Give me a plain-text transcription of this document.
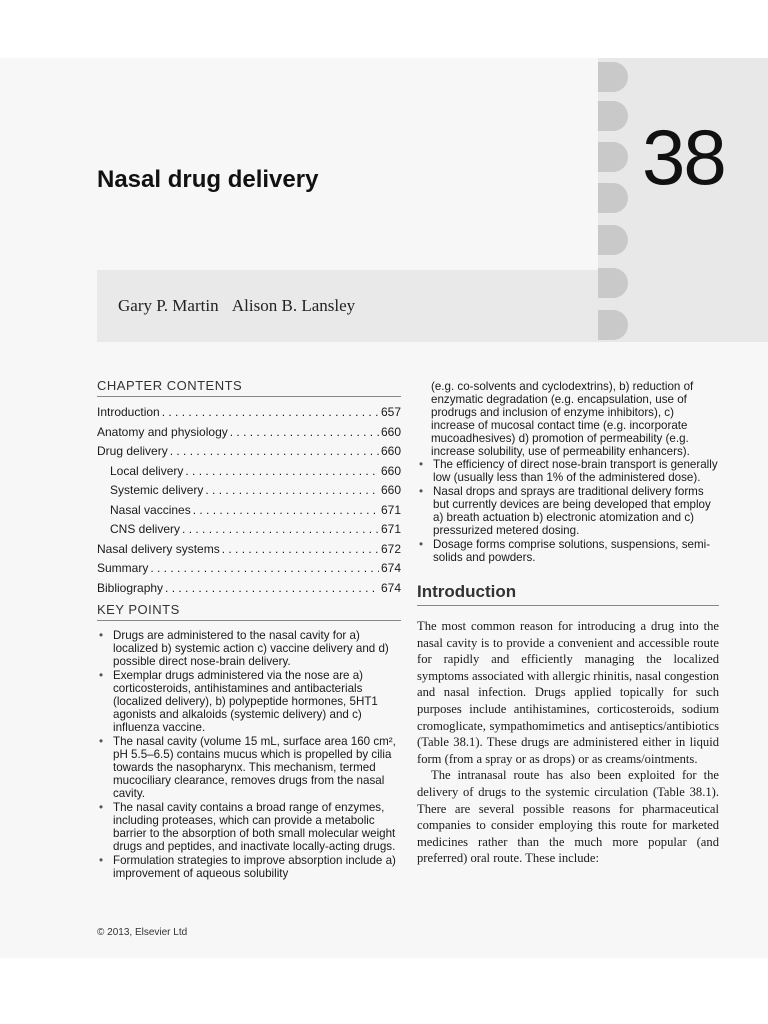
38
Nasal drug delivery
Gary P. Martin Alison B. Lansley
CHAPTER CONTENTS
Introduction . . .	657
Anatomy and physiology . . .	660
Drug delivery . . .	660
Local delivery . . .	660
Systemic delivery . . .	660
Nasal vaccines . . .	671
CNS delivery . . .	671
Nasal delivery systems . . .	672
Summary . . .	674
Bibliography . . .	674
KEY POINTS
• Drugs are administered to the nasal cavity for a) localized b) systemic action c) vaccine delivery and d) possible direct nose-brain delivery.
• Exemplar drugs administered via the nose are a) corticosteroids, antihistamines and antibacterials (localized delivery), b) polypeptide hormones, 5HT1 agonists and alkaloids (systemic delivery) and c) influenza vaccine.
• The nasal cavity (volume 15 mL, surface area 160 cm², pH 5.5–6.5) contains mucus which is propelled by cilia towards the nasopharynx. This mechanism, termed mucociliary clearance, removes drugs from the nasal cavity.
• The nasal cavity contains a broad range of enzymes, including proteases, which can provide a metabolic barrier to the absorption of both small molecular weight drugs and peptides, and inactivate locally-acting drugs.
• Formulation strategies to improve absorption include a) improvement of aqueous solubility
(e.g. co-solvents and cyclodextrins), b) reduction of enzymatic degradation (e.g. encapsulation, use of prodrugs and inclusion of enzyme inhibitors), c) increase of mucosal contact time (e.g. incorporate mucoadhesives) d) promotion of permeability (e.g. increase solubility, use of permeability enhancers).
• The efficiency of direct nose-brain transport is generally low (usually less than 1% of the administered dose).
• Nasal drops and sprays are traditional delivery forms but currently devices are being developed that employ a) breath actuation b) electronic atomization and c) pressurized metered dosing.
• Dosage forms comprise solutions, suspensions, semi-solids and powders.
Introduction

The most common reason for introducing a drug into the nasal cavity is to provide a convenient and accessible route for rapidly and efficiently managing the localized symptoms associated with allergic rhinitis, nasal congestion and nasal infection. Drugs applied topically for such purposes include antihistamines, corticosteroids, sodium cromoglicate, sympathomimetics and antiseptics/antibiotics (Table 38.1). These drugs are administered either in liquid form (from a spray or as drops) or as creams/ointments.

The intranasal route has also been exploited for the delivery of drugs to the systemic circulation (Table 38.1). There are several possible reasons for pharmaceutical companies to consider employing this route for marketed medicines rather than the much more popular (and preferred) oral route. These include:

© 2013, Elsevier Ltd
